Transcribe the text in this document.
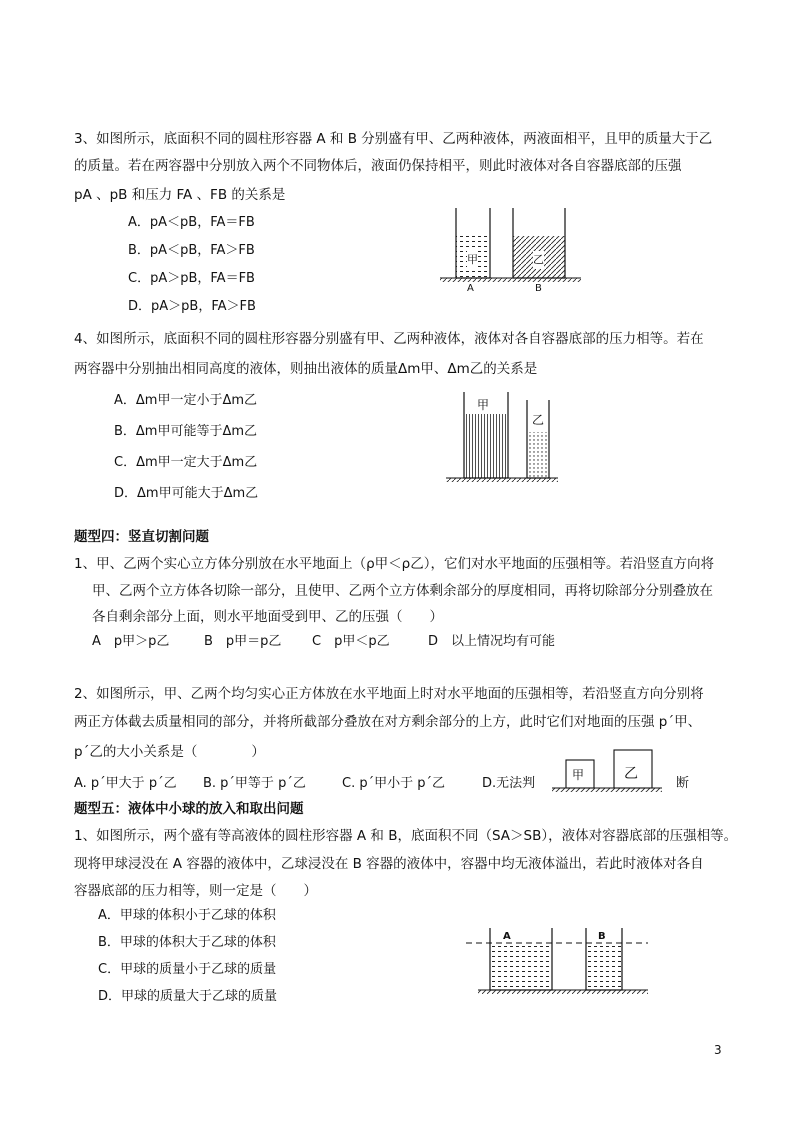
3、如图所示，底面积不同的圆柱形容器 A 和 B 分别盛有甲、乙两种液体，两液面相平，且甲的质量大于乙
的质量。若在两容器中分别放入两个不同物体后，液面仍保持相平，则此时液体对各自容器底部的压强
pA 、pB 和压力 FA 、FB 的关系是
A．pA＜pB，FA＝FB
B．pA＜pB，FA＞FB
C．pA＞pB，FA＝FB
D．pA＞pB，FA＞FB
甲	乙
A	B
4、如图所示，底面积不同的圆柱形容器分别盛有甲、乙两种液体，液体对各自容器底部的压力相等。若在
两容器中分别抽出相同高度的液体，则抽出液体的质量Δm甲、Δm乙的关系是
A．Δm甲一定小于Δm乙
B．Δm甲可能等于Δm乙
C．Δm甲一定大于Δm乙
D．Δm甲可能大于Δm乙
甲
乙
题型四：竖直切割问题
1、甲、乙两个实心立方体分别放在水平地面上（ρ甲＜ρ乙），它们对水平地面的压强相等。若沿竖直方向将
甲、乙两个立方体各切除一部分，且使甲、乙两个立方体剩余部分的厚度相同，再将切除部分分别叠放在
各自剩余部分上面，则水平地面受到甲、乙的压强（　　）
A　p甲＞p乙	B　p甲＝p乙 C　p甲＜p乙	D　以上情况均有可能
2、如图所示，甲、乙两个均匀实心正方体放在水平地面上时对水平地面的压强相等，若沿竖直方向分别将
两正方体截去质量相同的部分，并将所截部分叠放在对方剩余部分的上方，此时它们对地面的压强 p´甲、
p´乙的大小关系是（　　　　）
A. p´甲大于 p´乙 B. p´甲等于 p´乙	C. p´甲小于 p´乙	D.无法判
甲	乙
断
题型五：液体中小球的放入和取出问题
1、如图所示，两个盛有等高液体的圆柱形容器 A 和 B，底面积不同（SA＞SB），液体对容器底部的压强相等。
现将甲球浸没在 A 容器的液体中，乙球浸没在 B 容器的液体中，容器中均无液体溢出，若此时液体对各自
容器底部的压力相等，则一定是（　　）
A．甲球的体积小于乙球的体积
B．甲球的体积大于乙球的体积
C．甲球的质量小于乙球的质量
D．甲球的质量大于乙球的质量
A	B
3
